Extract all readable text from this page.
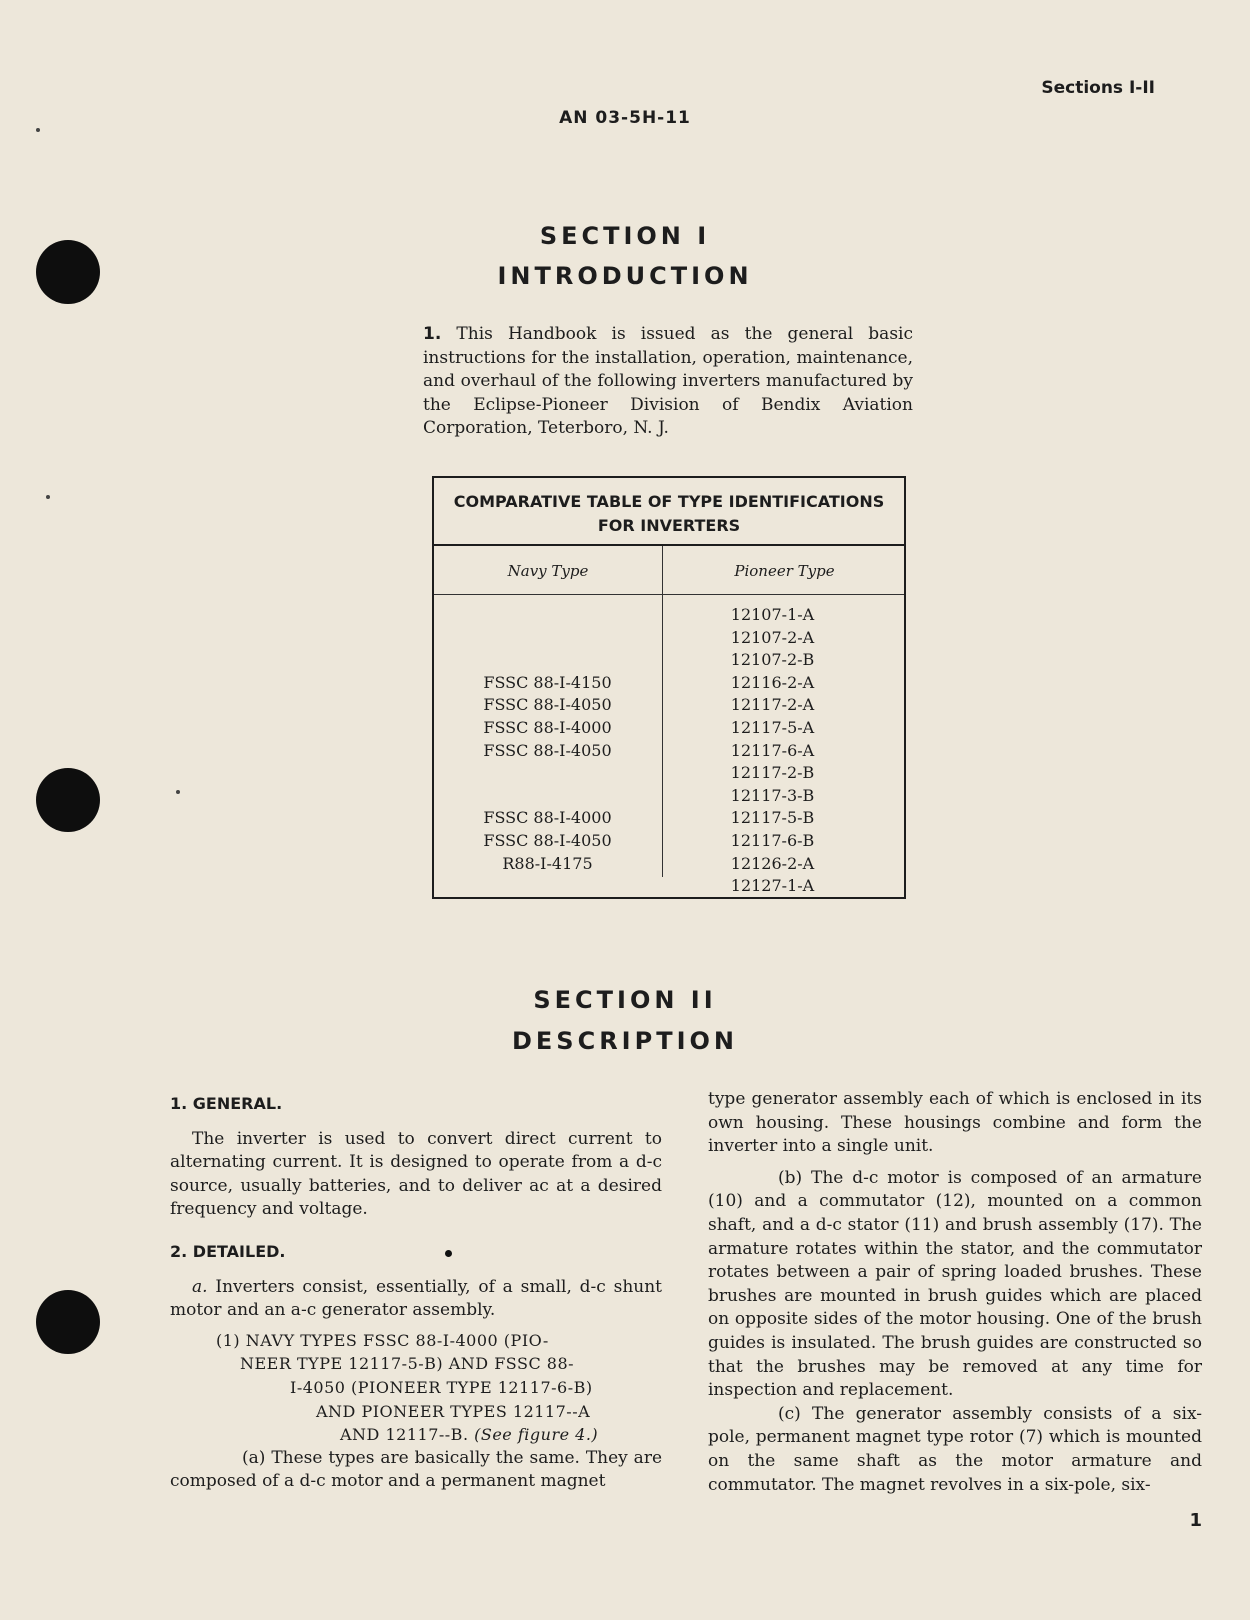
Sections I-II
AN 03-5H-11
SECTION I
INTRODUCTION
1. This Handbook is issued as the general basic instructions for the installation, operation, maintenance, and overhaul of the following inverters manufactured by the Eclipse-Pioneer Division of Bendix Aviation Corporation, Teterboro, N. J.
COMPARATIVE TABLE OF TYPE IDENTIFICATIONS
FOR INVERTERS
Navy Type	Pioneer Type
12107-1-A
12107-2-A
12107-2-B
FSSC 88-I-4150	12116-2-A
FSSC 88-I-4050	12117-2-A
FSSC 88-I-4000	12117-5-A
FSSC 88-I-4050	12117-6-A
12117-2-B
12117-3-B
FSSC 88-I-4000	12117-5-B
FSSC 88-I-4050	12117-6-B
R88-I-4175	12126-2-A
12127-1-A
SECTION II
DESCRIPTION

1. GENERAL.

The inverter is used to convert direct current to alternating current. It is designed to operate from a d-c source, usually batteries, and to deliver ac at a desired frequency and voltage.

2. DETAILED.

a. Inverters consist, essentially, of a small, d-c shunt motor and an a-c generator assembly.

(1) NAVY TYPES FSSC 88-I-4000 (PIO-
NEER TYPE 12117-5-B) AND FSSC 88-
I-4050 (PIONEER TYPE 12117-6-B)
AND PIONEER TYPES 12117--A
AND 12117--B. (See figure 4.)

(a) These types are basically the same. They are composed of a d-c motor and a permanent magnet

type generator assembly each of which is enclosed in its own housing. These housings combine and form the inverter into a single unit.

(b) The d-c motor is composed of an armature (10) and a commutator (12), mounted on a common shaft, and a d-c stator (11) and brush assembly (17). The armature rotates within the stator, and the commutator rotates between a pair of spring loaded brushes. These brushes are mounted in brush guides which are placed on opposite sides of the motor housing. One of the brush guides is insulated. The brush guides are constructed so that the brushes may be removed at any time for inspection and replacement.

(c) The generator assembly consists of a six-pole, permanent magnet type rotor (7) which is mounted on the same shaft as the motor armature and commutator. The magnet revolves in a six-pole, six-

1
